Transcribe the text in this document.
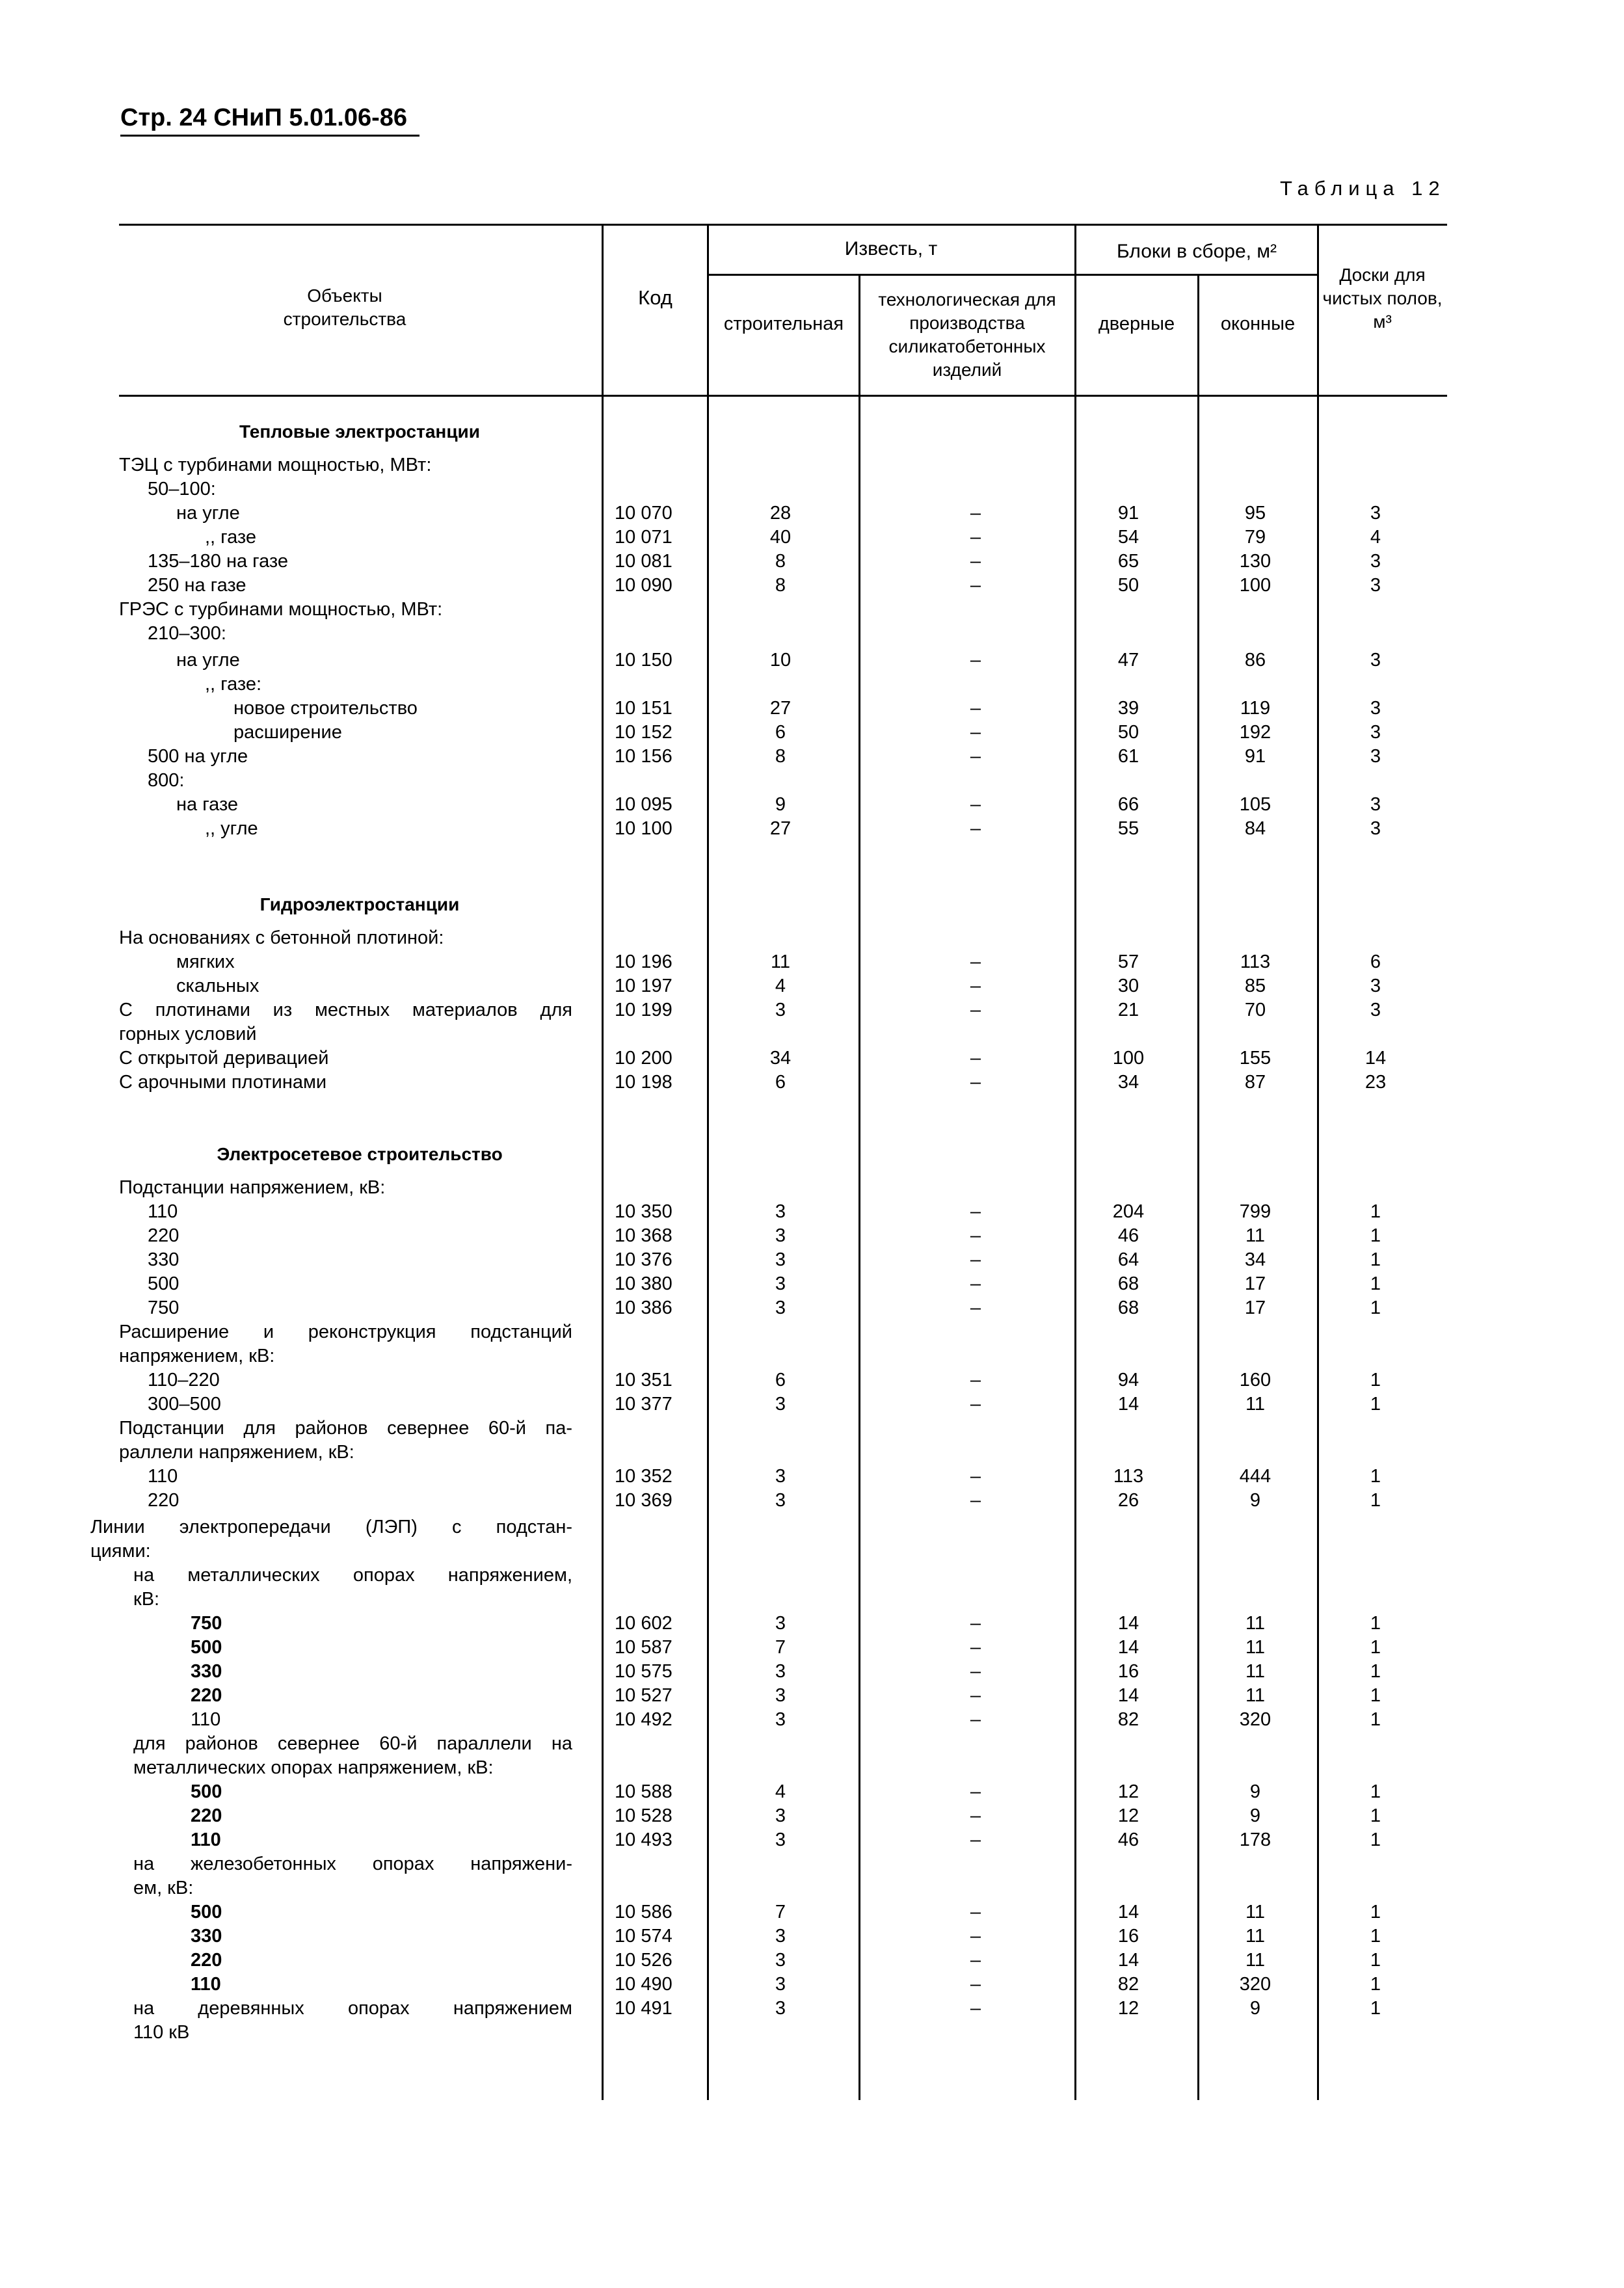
Стр. 24 СНиП 5.01.06-86
Таблица 12
Объекты строительства
Код
Известь, т
строительная
технологическая для производства силикатобетонных изделий
Блоки в сборе, м²
дверные	оконные
Доски для чистых полов, м³
Тепловые электростанции
ТЭЦ с турбинами мощностью, МВт:
50–100:
на угле	10 070	28	–	91	95	3
,, газе	10 071	40	–	54	79	4
135–180 на газе	10 081	8	–	65	130	3
250 на газе	10 090	8	–	50	100	3
ГРЭС с турбинами мощностью, МВт:
210–300:
на угле	10 150	10	–	47	86	3
,, газе:
новое строительство	10 151	27	–	39	119	3
расширение	10 152	6	–	50	192	3
500 на угле	10 156	8	–	61	91	3
800:
на газе	10 095	9	–	66	105	3
,, угле	10 100	27	–	55	84	3
Гидроэлектростанции
На основаниях с бетонной плотиной:
мягких	10 196	11	–	57	113	6
скальных	10 197	4	–	30	85	3
С плотинами из местных материалов для 10 199	3	–	21	70	3
горных условий
С открытой деривацией	10 200	34	–	100	155	14
С арочными плотинами	10 198	6	–	34	87	23
Электросетевое строительство
Подстанции напряжением, кВ:
110	10 350	3	–	204	799	1
220	10 368	3	–	46	11	1
330	10 376	3	–	64	34	1
500	10 380	3	–	68	17	1
750	10 386	3	–	68	17	1
Расширение и реконструкция подстанций
напряжением, кВ:
110–220	10 351	6	–	94	160	1
300–500	10 377	3	–	14	11	1
Подстанции для районов севернее 60-й па-
раллели напряжением, кВ:
110	10 352	3	–	113	444	1
220	10 369	3	–	26	9	1
Линии электропередачи (ЛЭП) с подстан-
циями:
на металлических опорах напряжением,
кВ:
750	10 602	3	–	14	11	1
500	10 587	7	–	14	11	1
330	10 575	3	–	16	11	1
220	10 527	3	–	14	11	1
110	10 492	3	–	82	320	1
для районов севернее 60-й параллели на
металлических опорах напряжением, кВ:
500	10 588	4	–	12	9	1
220	10 528	3	–	12	9	1
110	10 493	3	–	46	178	1
на железобетонных опорах напряжени-
ем, кВ:
500	10 586	7	–	14	11	1
330	10 574	3	–	16	11	1
220	10 526	3	–	14	11	1
110	10 490	3	–	82	320	1
на деревянных опорах напряжением 10 491	3	–	12	9	1
110 кВ
